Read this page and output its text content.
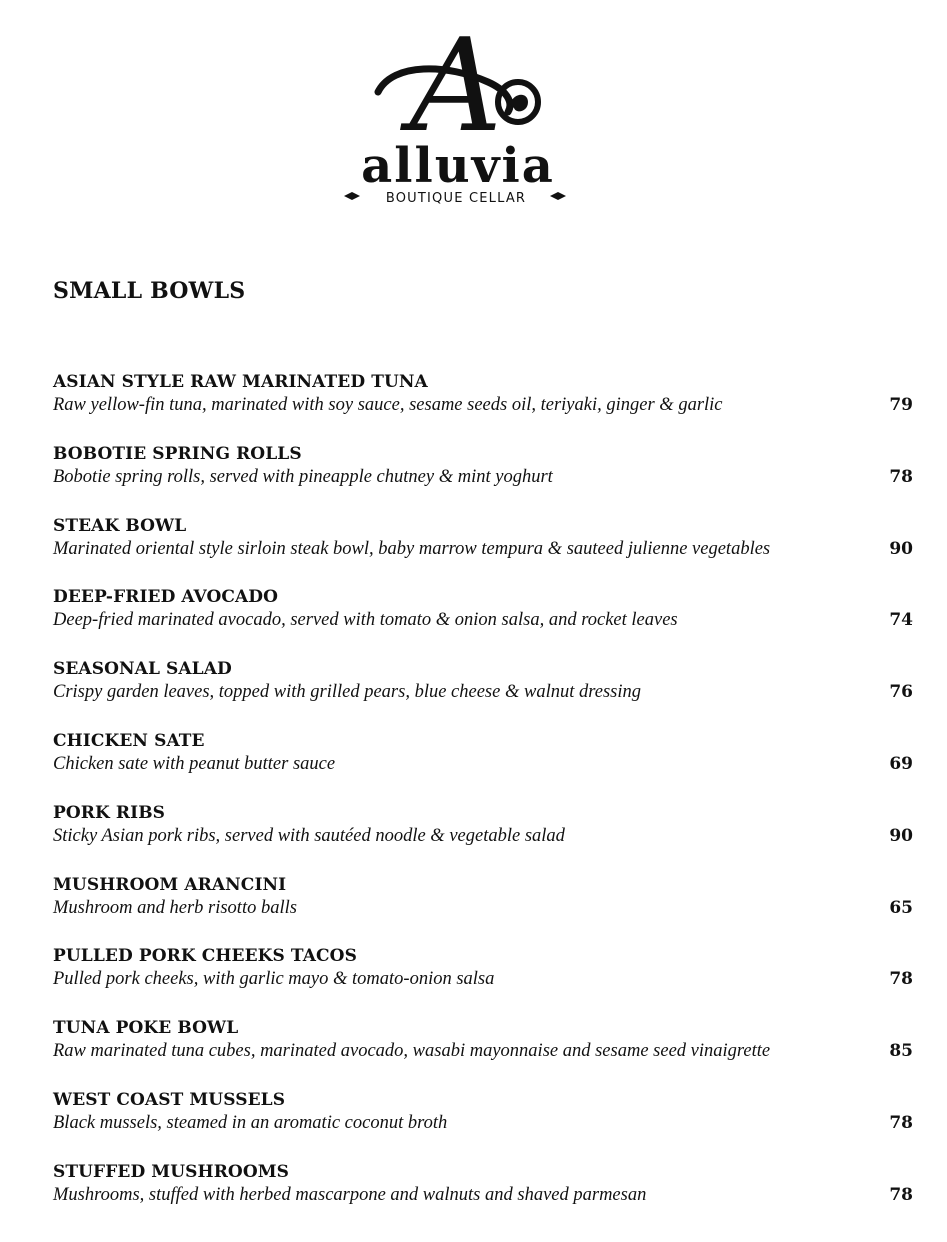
A
alluvia
BOUTIQUE CELLAR
SMALL BOWLS
ASIAN STYLE RAW MARINATED TUNA
Raw yellow-fin tuna, marinated with soy sauce, sesame seeds oil, teriyaki, ginger & garlic	79
BOBOTIE SPRING ROLLS
Bobotie spring rolls, served with pineapple chutney & mint yoghurt	78
STEAK BOWL
Marinated oriental style sirloin steak bowl, baby marrow tempura & sauteed julienne vegetables	90
DEEP-FRIED AVOCADO
Deep-fried marinated avocado, served with tomato & onion salsa, and rocket leaves	74
SEASONAL SALAD
Crispy garden leaves, topped with grilled pears, blue cheese & walnut dressing	76
CHICKEN SATE
Chicken sate with peanut butter sauce	69
PORK RIBS
Sticky Asian pork ribs, served with sautéed noodle & vegetable salad	90
MUSHROOM ARANCINI
Mushroom and herb risotto balls	65
PULLED PORK CHEEKS TACOS
Pulled pork cheeks, with garlic mayo & tomato-onion salsa	78
TUNA POKE BOWL
Raw marinated tuna cubes, marinated avocado, wasabi mayonnaise and sesame seed vinaigrette	85
WEST COAST MUSSELS
Black mussels, steamed in an aromatic coconut broth	78
STUFFED MUSHROOMS
Mushrooms, stuffed with herbed mascarpone and walnuts and shaved parmesan	78
